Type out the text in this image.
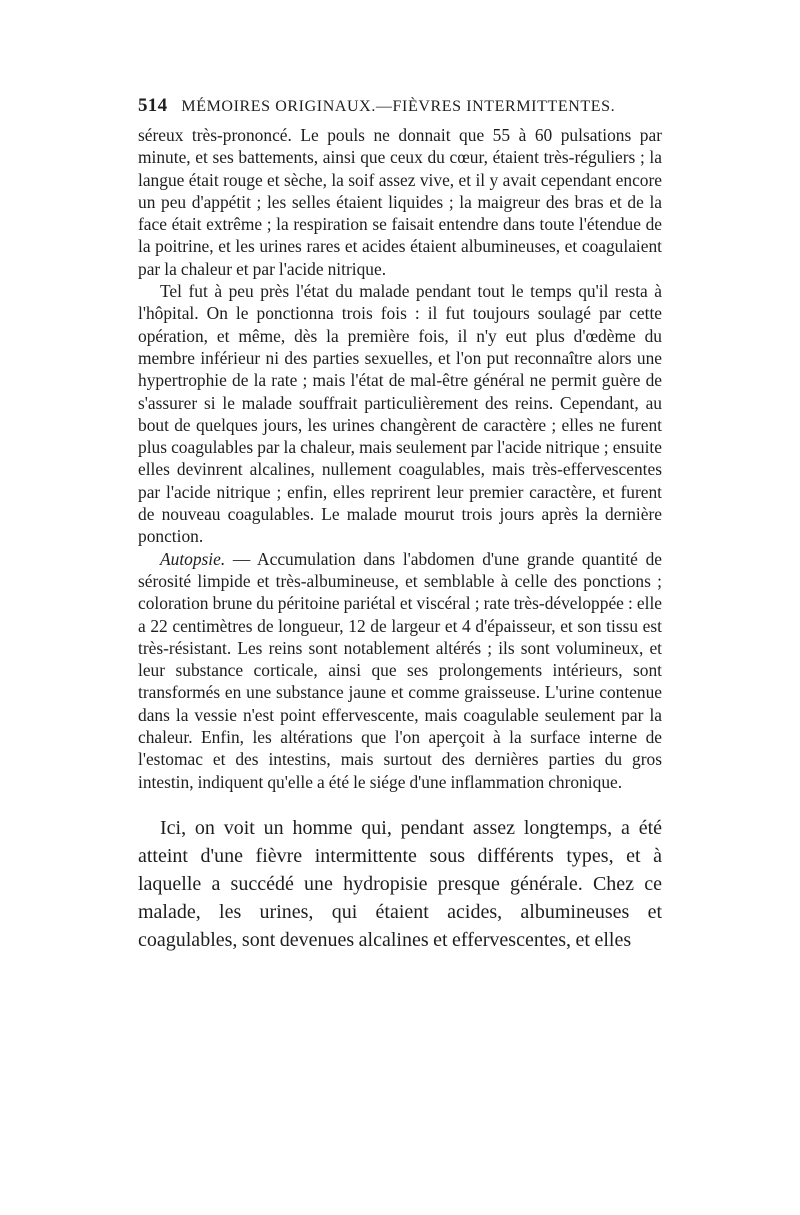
514 MÉMOIRES ORIGINAUX.—FIÈVRES INTERMITTENTES.

séreux très-prononcé. Le pouls ne donnait que 55 à 60 pulsations par minute, et ses battements, ainsi que ceux du cœur, étaient très-réguliers ; la langue était rouge et sèche, la soif assez vive, et il y avait cependant encore un peu d'appétit ; les selles étaient liquides ; la maigreur des bras et de la face était extrême ; la respiration se faisait entendre dans toute l'étendue de la poitrine, et les urines rares et acides étaient albumineuses, et coagulaient par la chaleur et par l'acide nitrique.

Tel fut à peu près l'état du malade pendant tout le temps qu'il resta à l'hôpital. On le ponctionna trois fois : il fut toujours soulagé par cette opération, et même, dès la première fois, il n'y eut plus d'œdème du membre inférieur ni des parties sexuelles, et l'on put reconnaître alors une hypertrophie de la rate ; mais l'état de mal-être général ne permit guère de s'assurer si le malade souffrait particulièrement des reins. Cependant, au bout de quelques jours, les urines changèrent de caractère ; elles ne furent plus coagulables par la chaleur, mais seulement par l'acide nitrique ; ensuite elles devinrent alcalines, nullement coagulables, mais très-effervescentes par l'acide nitrique ; enfin, elles reprirent leur premier caractère, et furent de nouveau coagulables. Le malade mourut trois jours après la dernière ponction.

Autopsie. — Accumulation dans l'abdomen d'une grande quantité de sérosité limpide et très-albumineuse, et semblable à celle des ponctions ; coloration brune du péritoine pariétal et viscéral ; rate très-développée : elle a 22 centimètres de longueur, 12 de largeur et 4 d'épaisseur, et son tissu est très-résistant. Les reins sont notablement altérés ; ils sont volumineux, et leur substance corticale, ainsi que ses prolongements intérieurs, sont transformés en une substance jaune et comme graisseuse. L'urine contenue dans la vessie n'est point effervescente, mais coagulable seulement par la chaleur. Enfin, les altérations que l'on aperçoit à la surface interne de l'estomac et des intestins, mais surtout des dernières parties du gros intestin, indiquent qu'elle a été le siége d'une inflammation chronique.

Ici, on voit un homme qui, pendant assez longtemps, a été atteint d'une fièvre intermittente sous différents types, et à laquelle a succédé une hydropisie presque générale. Chez ce malade, les urines, qui étaient acides, albumineuses et coagulables, sont devenues alcalines et effervescentes, et elles
